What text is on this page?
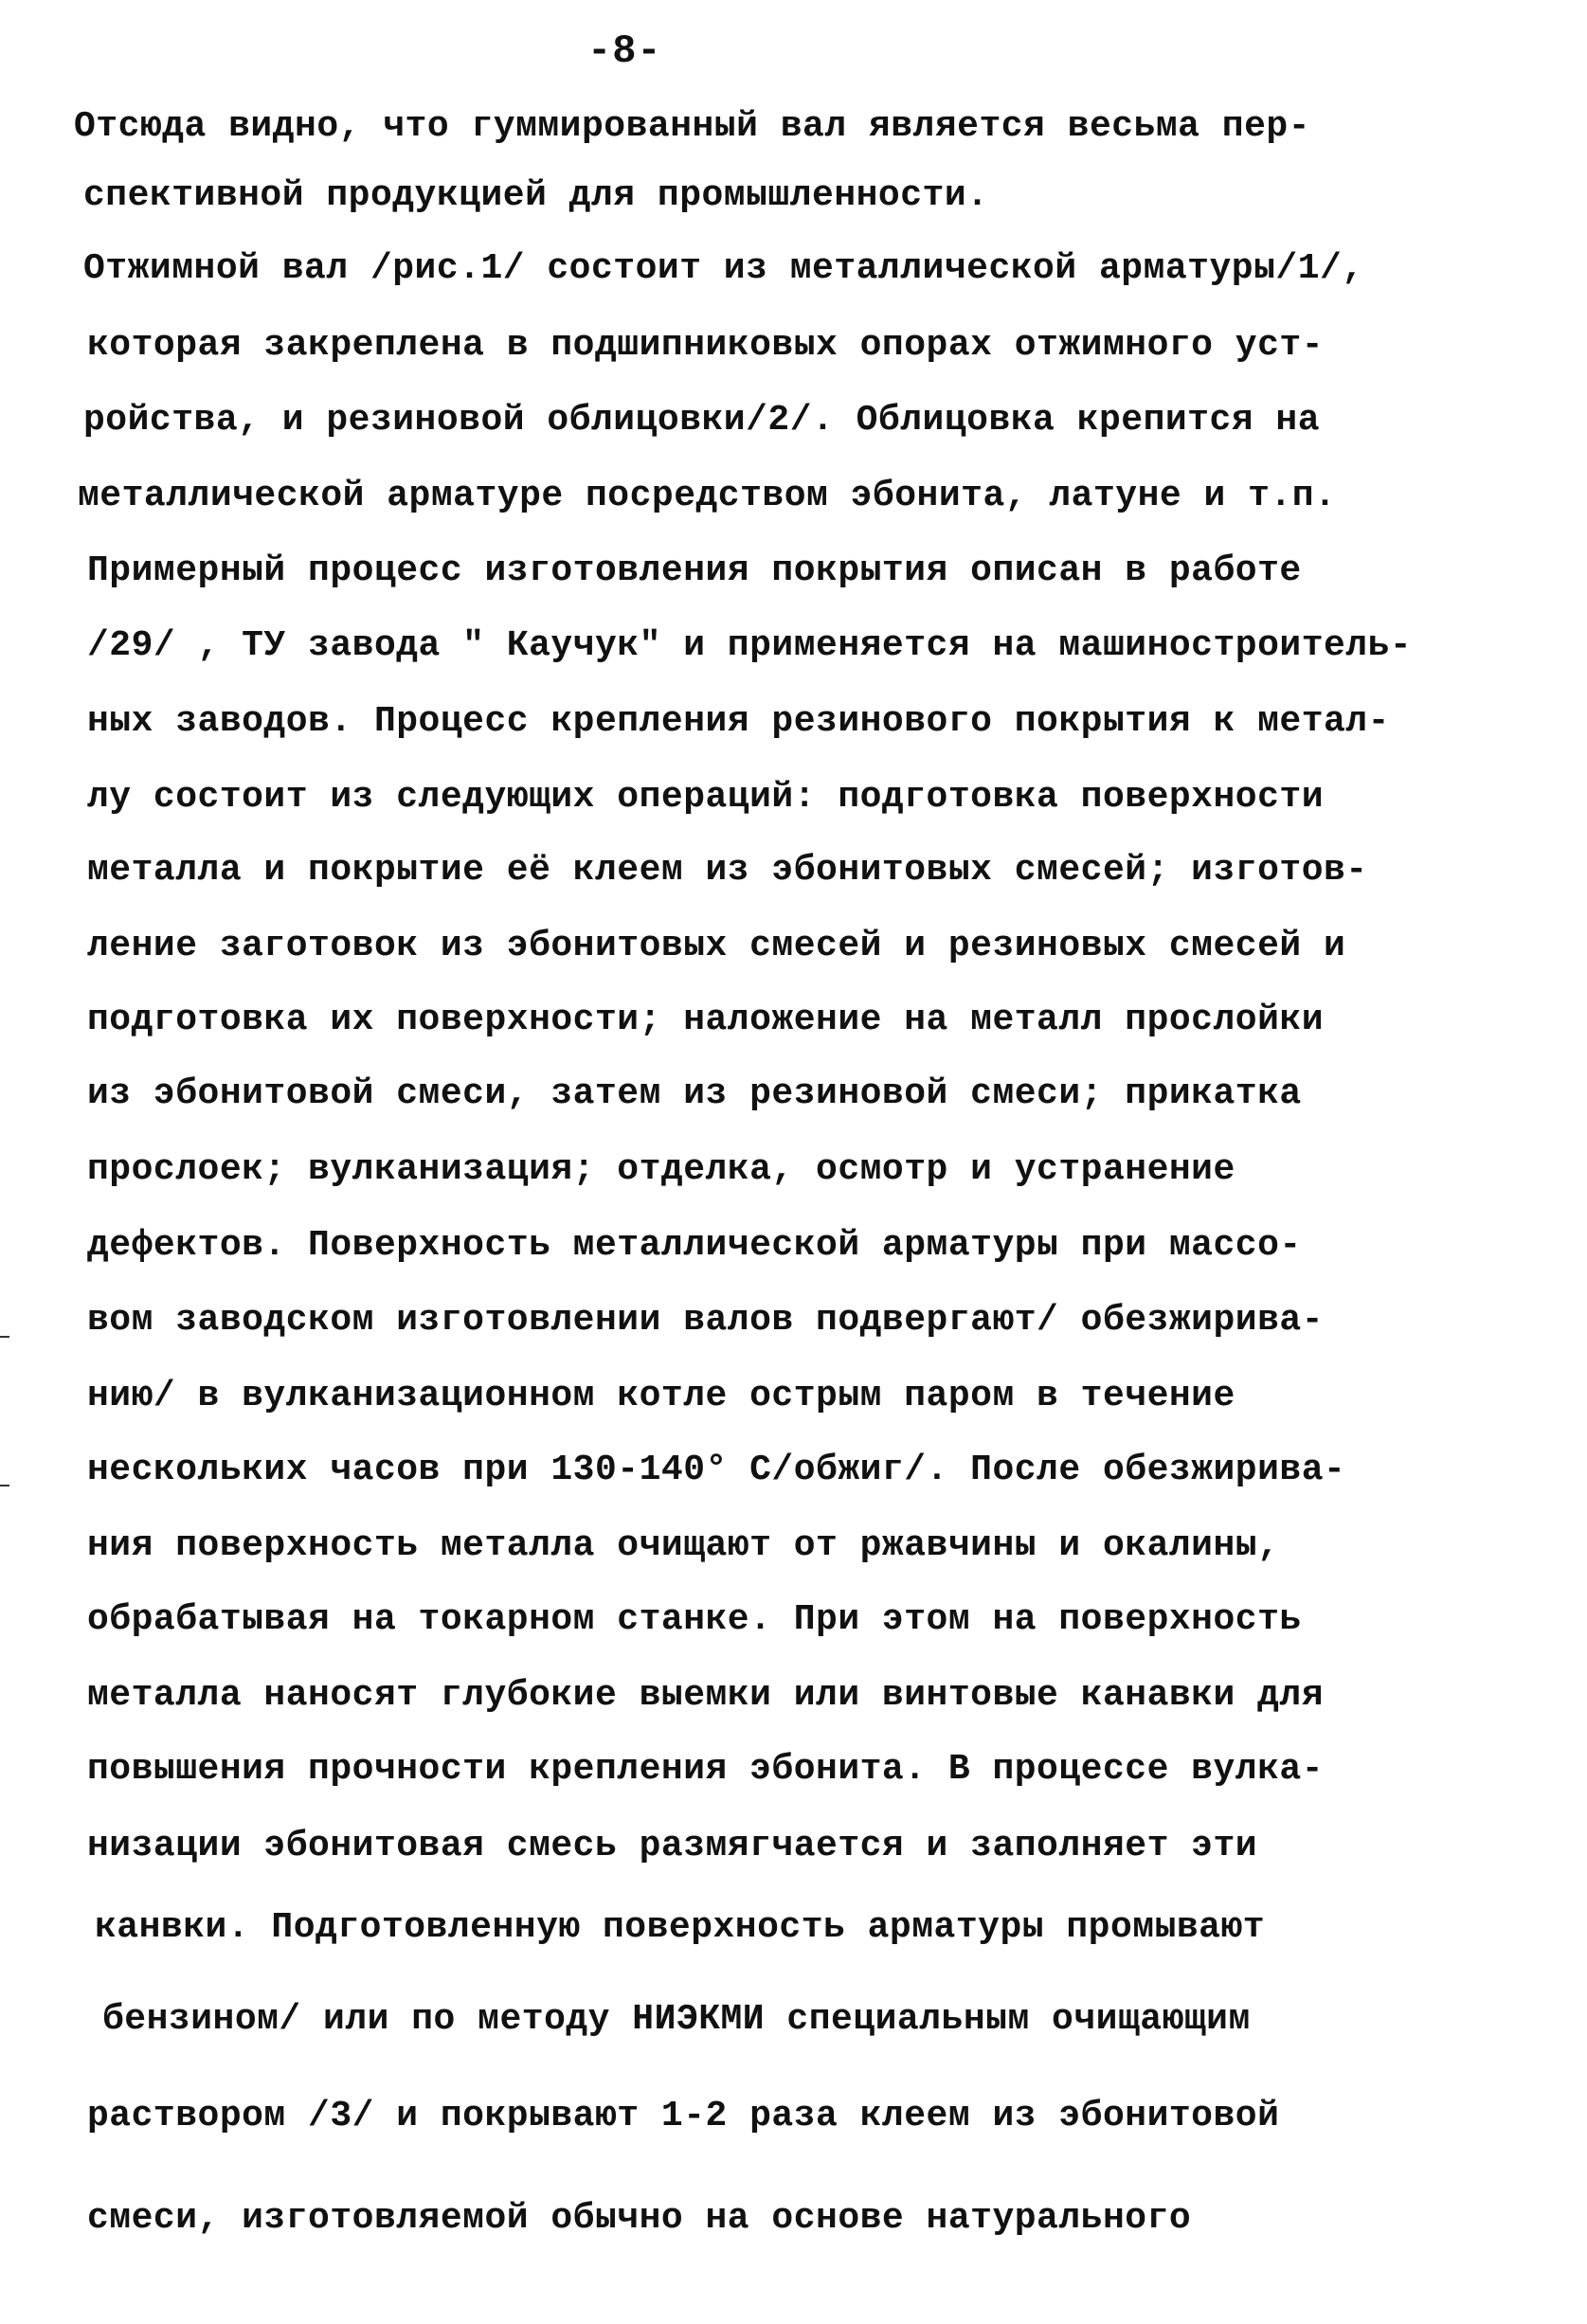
-8-
Отсюда видно, что гуммированный вал является весьма пер-
спективной продукцией для промышленности.
Отжимной вал /рис.1/ состоит из металлической арматуры/1/,
которая закреплена в подшипниковых опорах отжимного уст-
ройства, и резиновой облицовки/2/. Облицовка крепится на
металлической арматуре посредством эбонита, латуне и т.п.
Примерный процесс изготовления покрытия описан в работе
/29/ , ТУ завода " Каучук" и применяется на машиностроитель-
ных заводов. Процесс крепления резинового покрытия к метал-
лу состоит из следующих операций: подготовка поверхности
металла и покрытие её клеем из эбонитовых смесей; изготов-
ление заготовок из эбонитовых смесей и резиновых смесей и
подготовка их поверхности; наложение на металл прослойки
из эбонитовой смеси, затем из резиновой смеси; прикатка
прослоек; вулканизация; отделка, осмотр и устранение
дефектов. Поверхность металлической арматуры при массо-
вом заводском изготовлении валов подвергают/ обезжирива-
нию/ в вулканизационном котле острым паром в течение
нескольких часов при 130-140° С/обжиг/. После обезжирива-
ния поверхность металла очищают от ржавчины и окалины,
обрабатывая на токарном станке. При этом на поверхность
металла наносят глубокие выемки или винтовые канавки для
повышения прочности крепления эбонита. В процессе вулка-
низации эбонитовая смесь размягчается и заполняет эти
канвки. Подготовленную поверхность арматуры промывают
бензином/ или по методу НИЭКМИ специальным очищающим
раствором /3/ и покрывают 1-2 раза клеем из эбонитовой
смеси, изготовляемой обычно на основе натурального
